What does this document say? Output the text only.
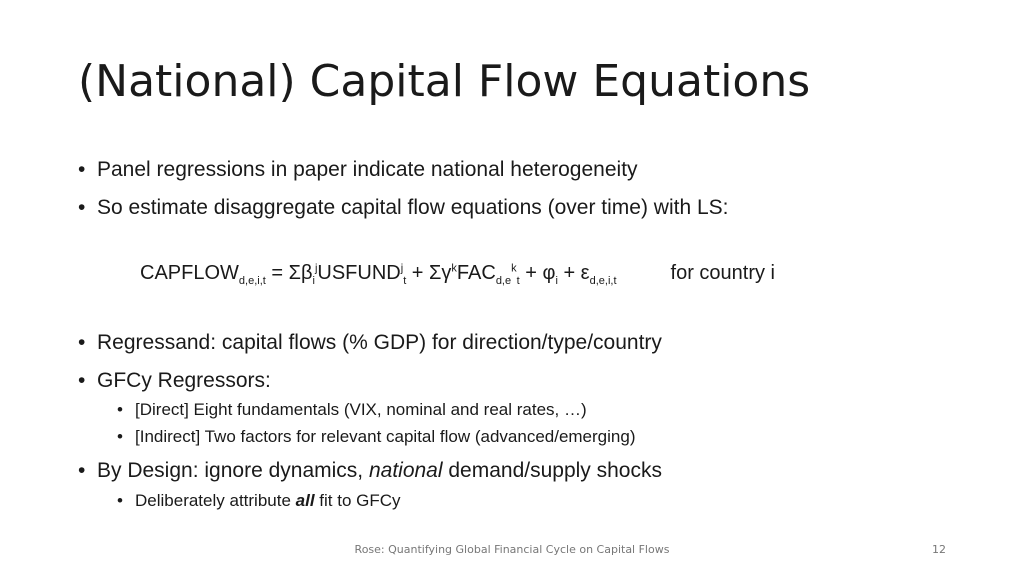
(National) Capital Flow Equations
• Panel regressions in paper indicate national heterogeneity
• So estimate disaggregate capital flow equations (over time) with LS:
$CAPFLOW_{d,e,i,t}$ = $\Sigma\beta_i^jUSFUND^j_t + \Sigma\gamma^kFAC_{d,e}^k_t + \varphi_i + \varepsilon_{d,e,i,t}$	for country i
• Regressand: capital flows (% GDP) for direction/type/country
• GFCy Regressors:
• [Direct] Eight fundamentals (VIX, nominal and real rates, …)
• [Indirect] Two factors for relevant capital flow (advanced/emerging)
• By Design: ignore dynamics, national demand/supply shocks
• Deliberately attribute all fit to GFCy
Rose: Quantifying Global Financial Cycle on Capital Flows	12
